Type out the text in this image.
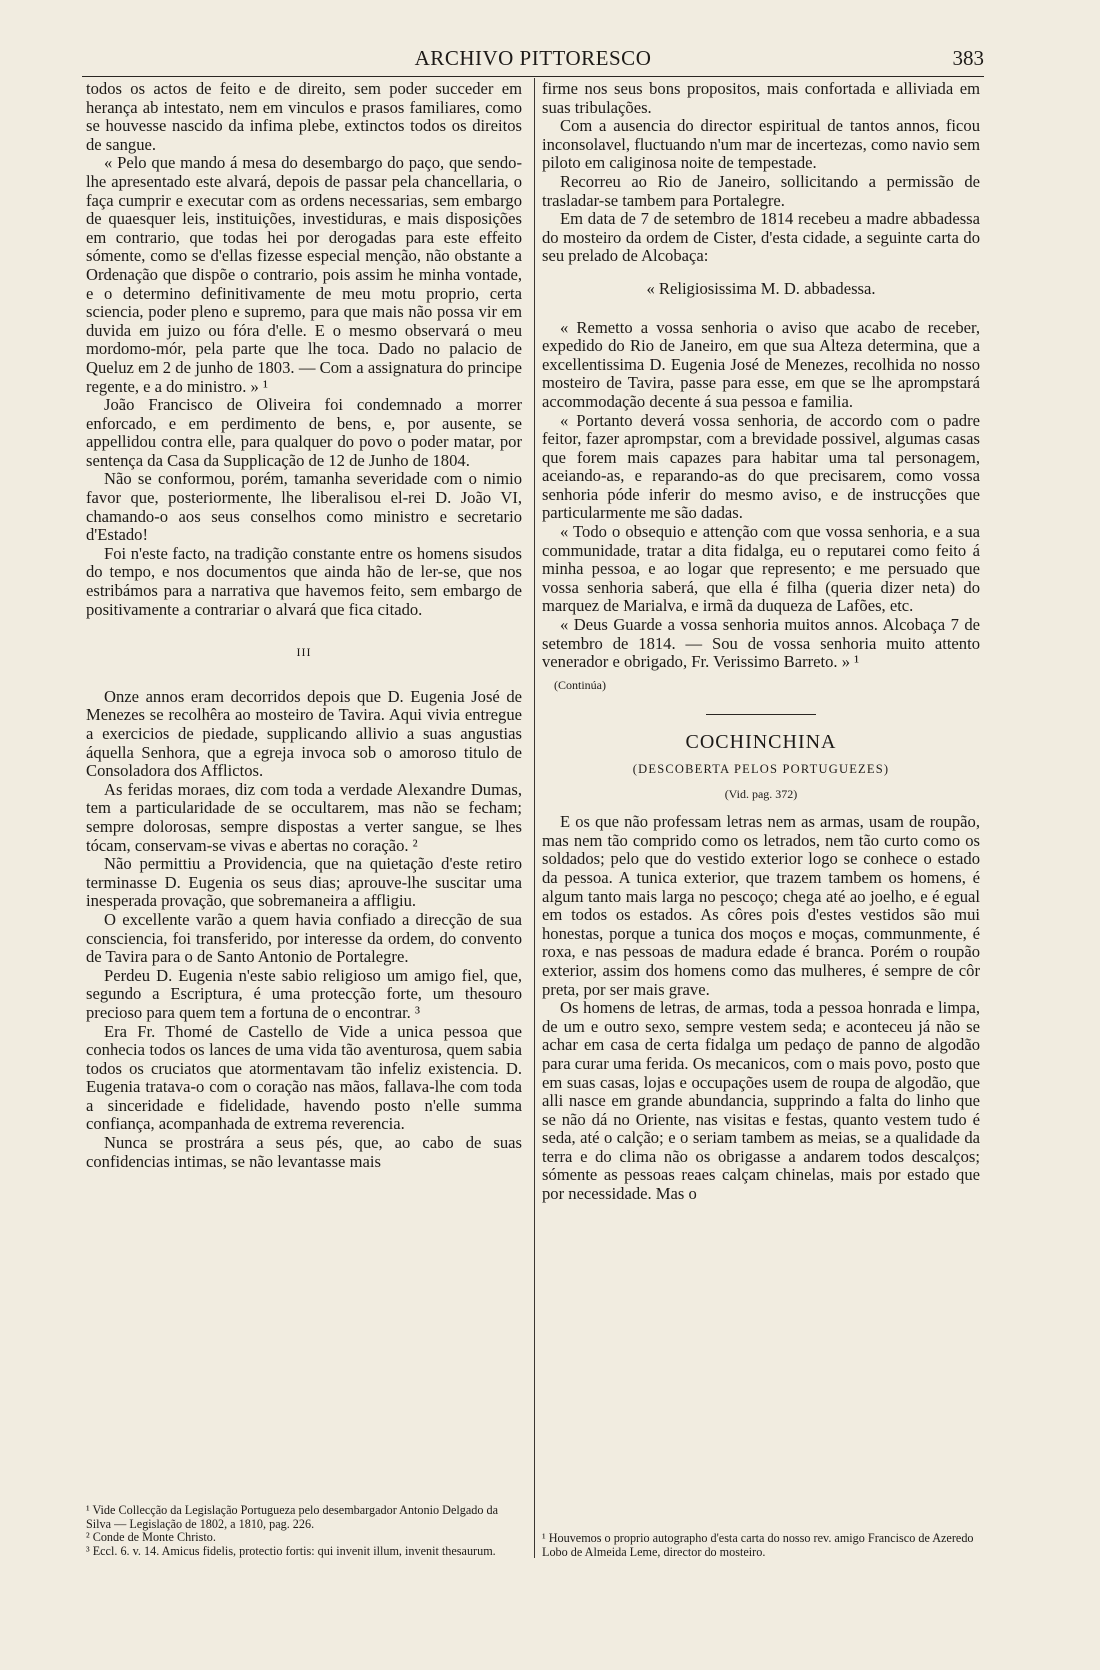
ARCHIVO PITTORESCO	383

todos os actos de feito e de direito, sem poder succeder em herança ab intestato, nem em vinculos e prasos familiares, como se houvesse nascido da infima plebe, extinctos todos os direitos de sangue.

« Pelo que mando á mesa do desembargo do paço, que sendo-lhe apresentado este alvará, depois de passar pela chancellaria, o faça cumprir e executar com as ordens necessarias, sem embargo de quaesquer leis, instituições, investiduras, e mais disposições em contrario, que todas hei por derogadas para este effeito sómente, como se d'ellas fizesse especial menção, não obstante a Ordenação que dispõe o contrario, pois assim he minha vontade, e o determino definitivamente de meu motu proprio, certa sciencia, poder pleno e supremo, para que mais não possa vir em duvida em juizo ou fóra d'elle. E o mesmo observará o meu mordomo-mór, pela parte que lhe toca. Dado no palacio de Queluz em 2 de junho de 1803. — Com a assignatura do principe regente, e a do ministro. » ¹

João Francisco de Oliveira foi condemnado a morrer enforcado, e em perdimento de bens, e, por ausente, se appellidou contra elle, para qualquer do povo o poder matar, por sentença da Casa da Supplicação de 12 de Junho de 1804.

Não se conformou, porém, tamanha severidade com o nimio favor que, posteriormente, lhe liberalisou el-rei D. João VI, chamando-o aos seus conselhos como ministro e secretario d'Estado!

Foi n'este facto, na tradição constante entre os homens sisudos do tempo, e nos documentos que ainda hão de ler-se, que nos estribámos para a narrativa que havemos feito, sem embargo de positivamente a contrariar o alvará que fica citado.

III

Onze annos eram decorridos depois que D. Eugenia José de Menezes se recolhêra ao mosteiro de Tavira. Aqui vivia entregue a exercicios de piedade, supplicando allivio a suas angustias áquella Senhora, que a egreja invoca sob o amoroso titulo de Consoladora dos Afflictos.

As feridas moraes, diz com toda a verdade Alexandre Dumas, tem a particularidade de se occultarem, mas não se fecham; sempre dolorosas, sempre dispostas a verter sangue, se lhes tócam, conservam-se vivas e abertas no coração. ²

Não permittiu a Providencia, que na quietação d'este retiro terminasse D. Eugenia os seus dias; aprouve-lhe suscitar uma inesperada provação, que sobremaneira a affligiu.

O excellente varão a quem havia confiado a direcção de sua consciencia, foi transferido, por interesse da ordem, do convento de Tavira para o de Santo Antonio de Portalegre.

Perdeu D. Eugenia n'este sabio religioso um amigo fiel, que, segundo a Escriptura, é uma protecção forte, um thesouro precioso para quem tem a fortuna de o encontrar. ³

Era Fr. Thomé de Castello de Vide a unica pessoa que conhecia todos os lances de uma vida tão aventurosa, quem sabia todos os cruciatos que atormentavam tão infeliz existencia. D. Eugenia tratava-o com o coração nas mãos, fallava-lhe com toda a sinceridade e fidelidade, havendo posto n'elle summa confiança, acompanhada de extrema reverencia.

Nunca se prostrára a seus pés, que, ao cabo de suas confidencias intimas, se não levantasse mais

¹ Vide Collecção da Legislação Portugueza pelo desembargador Antonio Delgado da Silva — Legislação de 1802, a 1810, pag. 226.

² Conde de Monte Christo.

³ Eccl. 6. v. 14. Amicus fidelis, protectio fortis: qui invenit illum, invenit thesaurum.

firme nos seus bons propositos, mais confortada e alliviada em suas tribulações.

Com a ausencia do director espiritual de tantos annos, ficou inconsolavel, fluctuando n'um mar de incertezas, como navio sem piloto em caliginosa noite de tempestade.

Recorreu ao Rio de Janeiro, sollicitando a permissão de trasladar-se tambem para Portalegre.

Em data de 7 de setembro de 1814 recebeu a madre abbadessa do mosteiro da ordem de Cister, d'esta cidade, a seguinte carta do seu prelado de Alcobaça:

« Religiosissima M. D. abbadessa.

« Remetto a vossa senhoria o aviso que acabo de receber, expedido do Rio de Janeiro, em que sua Alteza determina, que a excellentissima D. Eugenia José de Menezes, recolhida no nosso mosteiro de Tavira, passe para esse, em que se lhe aprompstará accommodação decente á sua pessoa e familia.

« Portanto deverá vossa senhoria, de accordo com o padre feitor, fazer aprompstar, com a brevidade possivel, algumas casas que forem mais capazes para habitar uma tal personagem, aceiando-as, e reparando-as do que precisarem, como vossa senhoria póde inferir do mesmo aviso, e de instrucções que particularmente me são dadas.

« Todo o obsequio e attenção com que vossa senhoria, e a sua communidade, tratar a dita fidalga, eu o reputarei como feito á minha pessoa, e ao logar que represento; e me persuado que vossa senhoria saberá, que ella é filha (queria dizer neta) do marquez de Marialva, e irmã da duqueza de Lafões, etc.

« Deus Guarde a vossa senhoria muitos annos. Alcobaça 7 de setembro de 1814. — Sou de vossa senhoria muito attento venerador e obrigado, Fr. Verissimo Barreto. » ¹

(Continúa)
COCHINCHINA
(DESCOBERTA PELOS PORTUGUEZES)
(Vid. pag. 372)

E os que não professam letras nem as armas, usam de roupão, mas nem tão comprido como os letrados, nem tão curto como os soldados; pelo que do vestido exterior logo se conhece o estado da pessoa. A tunica exterior, que trazem tambem os homens, é algum tanto mais larga no pescoço; chega até ao joelho, e é egual em todos os estados. As côres pois d'estes vestidos são mui honestas, porque a tunica dos moços e moças, communmente, é roxa, e nas pessoas de madura edade é branca. Porém o roupão exterior, assim dos homens como das mulheres, é sempre de côr preta, por ser mais grave.

Os homens de letras, de armas, toda a pessoa honrada e limpa, de um e outro sexo, sempre vestem seda; e aconteceu já não se achar em casa de certa fidalga um pedaço de panno de algodão para curar uma ferida. Os mecanicos, com o mais povo, posto que em suas casas, lojas e occupações usem de roupa de algodão, que alli nasce em grande abundancia, supprindo a falta do linho que se não dá no Oriente, nas visitas e festas, quanto vestem tudo é seda, até o calção; e o seriam tambem as meias, se a qualidade da terra e do clima não os obrigasse a andarem todos descalços; sómente as pessoas reaes calçam chinelas, mais por estado que por necessidade. Mas o

¹ Houvemos o proprio autographo d'esta carta do nosso rev. amigo Francisco de Azeredo Lobo de Almeida Leme, director do mosteiro.
